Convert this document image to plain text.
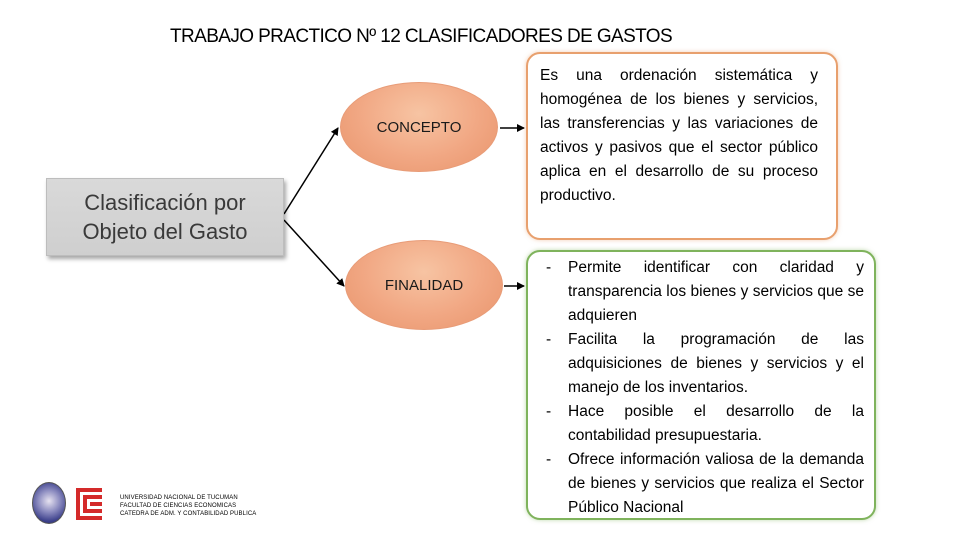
TRABAJO PRACTICO Nº 12 CLASIFICADORES DE GASTOS
Clasificación por
Objeto del Gasto
CONCEPTO
FINALIDAD
Es una ordenación sistemática y homogénea de los bienes y servicios, las transferencias y las variaciones de activos y pasivos que el sector público aplica en el desarrollo de su proceso productivo.
- Permite identificar con claridad y transparencia los bienes y servicios que se adquieren
- Facilita la programación de las adquisiciones de bienes y servicios y el manejo de los inventarios.
- Hace posible el desarrollo de la contabilidad presupuestaria.
- Ofrece información valiosa de la demanda de bienes y servicios que realiza el Sector Público Nacional
UNIVERSIDAD NACIONAL DE TUCUMAN
FACULTAD DE CIENCIAS ECONOMICAS
CATEDRA DE ADM. Y CONTABILIDAD PUBLICA
